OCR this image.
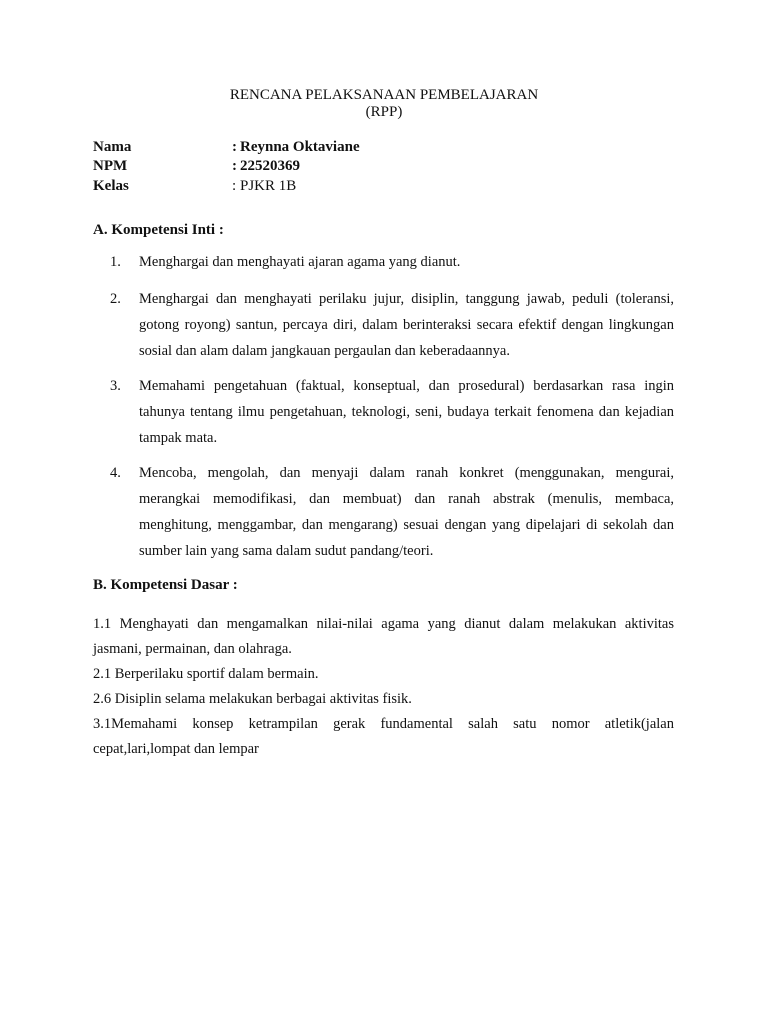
RENCANA PELAKSANAAN PEMBELAJARAN
(RPP)
Nama	: Reynna Oktaviane
NPM	: 22520369
Kelas	: PJKR 1B
A. Kompetensi Inti :
1.	Menghargai dan menghayati ajaran agama yang dianut.
2.	Menghargai dan menghayati perilaku jujur, disiplin, tanggung jawab, peduli (toleransi, gotong royong) santun, percaya diri, dalam berinteraksi secara efektif dengan lingkungan sosial dan alam dalam jangkauan pergaulan dan keberadaannya.
3.	Memahami pengetahuan (faktual, konseptual, dan prosedural) berdasarkan rasa ingin tahunya tentang ilmu pengetahuan, teknologi, seni, budaya terkait fenomena dan kejadian tampak mata.
4.	Mencoba, mengolah, dan menyaji dalam ranah konkret (menggunakan, mengurai, merangkai memodifikasi, dan membuat) dan ranah abstrak (menulis, membaca, menghitung, menggambar, dan mengarang) sesuai dengan yang dipelajari di sekolah dan sumber lain yang sama dalam sudut pandang/teori.
B. Kompetensi Dasar :
1.1 Menghayati dan mengamalkan nilai-nilai agama yang dianut dalam melakukan aktivitas jasmani, permainan, dan olahraga.
2.1 Berperilaku sportif dalam bermain.
2.6 Disiplin selama melakukan berbagai aktivitas fisik.
3.1Memahami konsep ketrampilan gerak fundamental salah satu nomor atletik(jalan cepat,lari,lompat dan lempar
